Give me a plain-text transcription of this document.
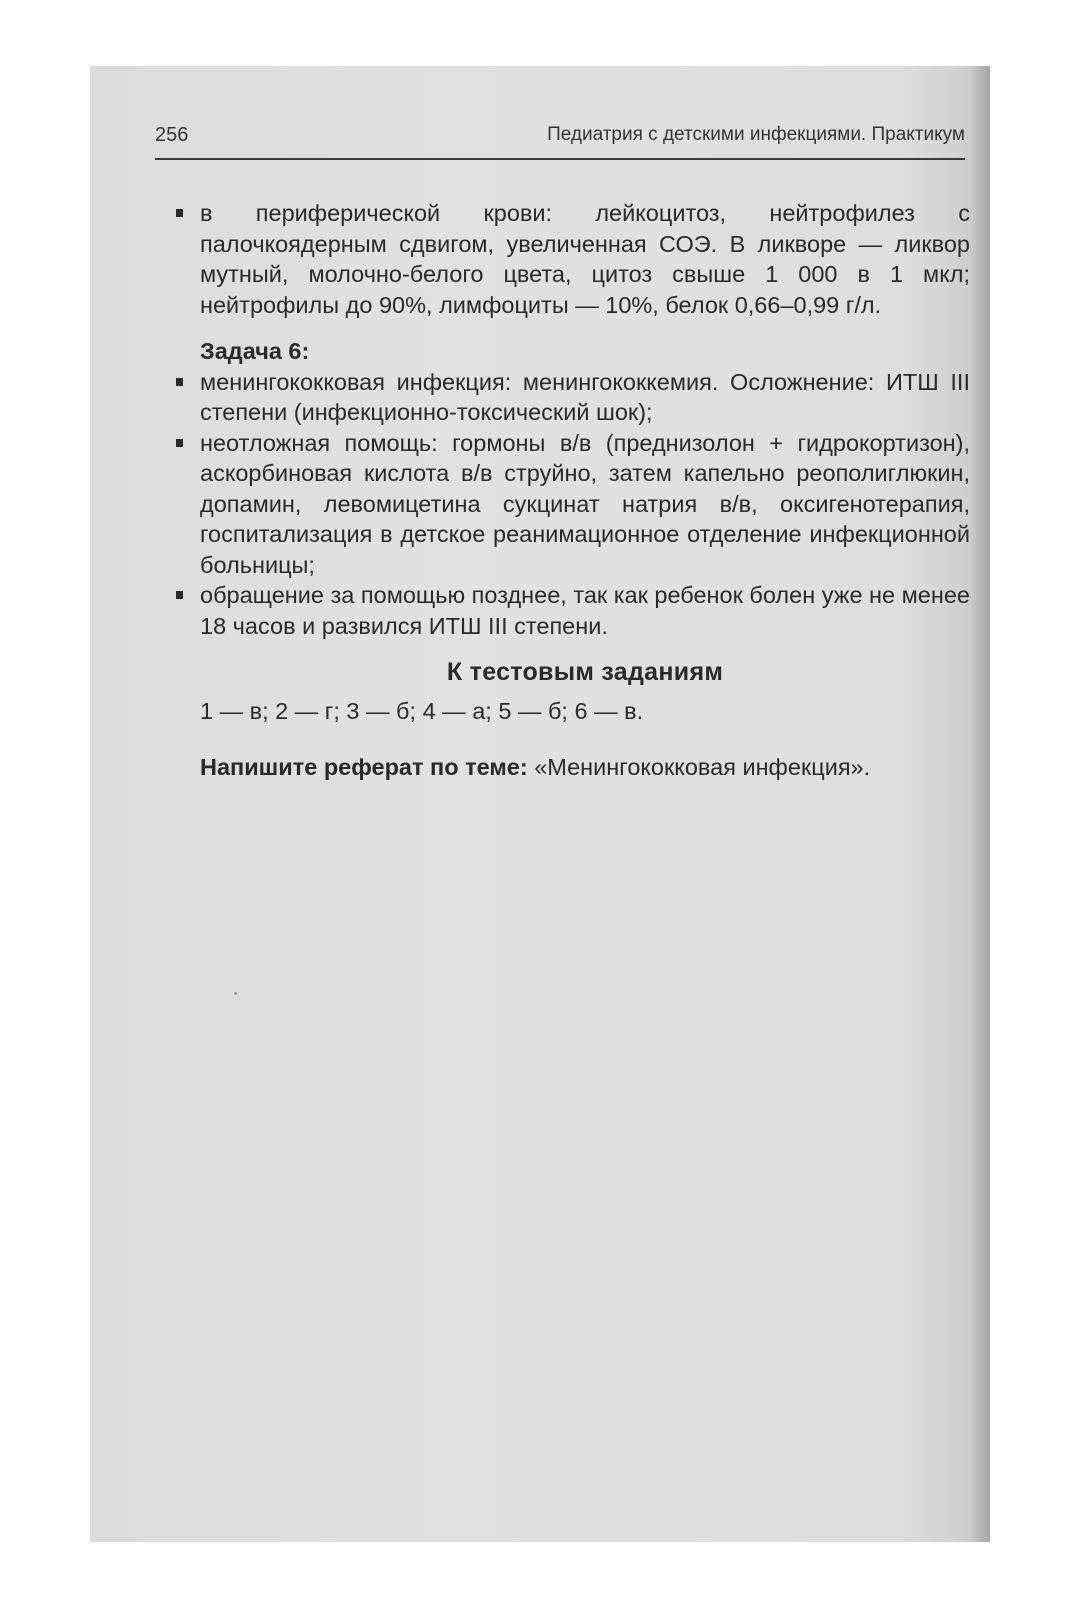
256	Педиатрия с детскими инфекциями. Практикум

в периферической крови: лейкоцитоз, нейтрофилез с палочкоядерным сдвигом, увеличенная СОЭ. В ликворе — ликвор мутный, молочно-белого цвета, цитоз свыше 1 000 в 1 мкл; нейтрофилы до 90%, лимфоциты — 10%, белок 0,66–0,99 г/л.

Задача 6:

менингококковая инфекция: менингококкемия. Осложнение: ИТШ III степени (инфекционно-токсический шок);

неотложная помощь: гормоны в/в (преднизолон + гидрокортизон), аскорбиновая кислота в/в струйно, затем капельно реополиглюкин, допамин, левомицетина сукцинат натрия в/в, оксигенотерапия, госпитализация в детское реанимационное отделение инфекционной больницы;

обращение за помощью позднее, так как ребенок болен уже не менее 18 часов и развился ИТШ III степени.

К тестовым заданиям

1 — в; 2 — г; 3 — б; 4 — а; 5 — б; 6 — в.

Напишите реферат по теме: «Менингококковая инфекция».
